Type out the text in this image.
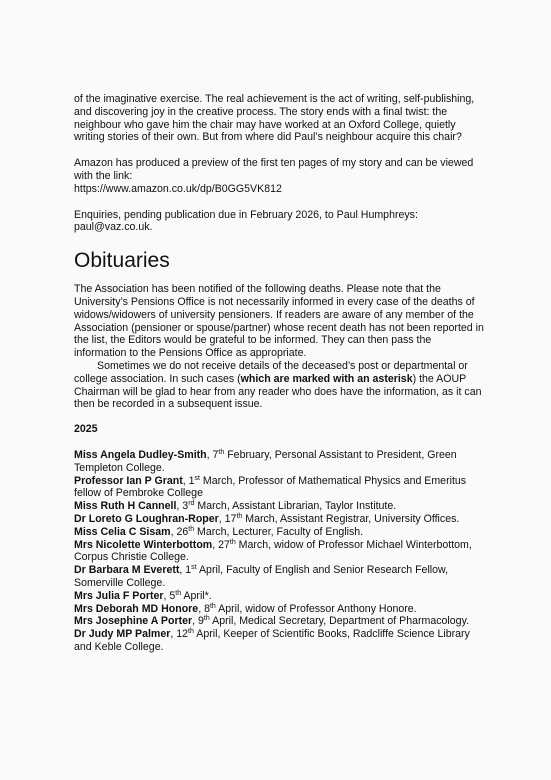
of the imaginative exercise. The real achievement is the act of writing, self-publishing, and discovering joy in the creative process. The story ends with a final twist: the neighbour who gave him the chair may have worked at an Oxford College, quietly writing stories of their own. But from where did Paul’s neighbour acquire this chair?

Amazon has produced a preview of the first ten pages of my story and can be viewed with the link:
https://www.amazon.co.uk/dp/B0GG5VK812

Enquiries, pending publication due in February 2026, to Paul Humphreys: paul@vaz.co.uk.

Obituaries

The Association has been notified of the following deaths. Please note that the University’s Pensions Office is not necessarily informed in every case of the deaths of widows/widowers of university pensioners. If readers are aware of any member of the Association (pensioner or spouse/partner) whose recent death has not been reported in the list, the Editors would be grateful to be informed. They can then pass the information to the Pensions Office as appropriate.

Sometimes we do not receive details of the deceased’s post or departmental or college association. In such cases (which are marked with an asterisk) the AOUP Chairman will be glad to hear from any reader who does have the information, as it can then be recorded in a subsequent issue.

2025

Miss Angela Dudley-Smith, 7th February, Personal Assistant to President, Green Templeton College.

Professor Ian P Grant, 1st March, Professor of Mathematical Physics and Emeritus fellow of Pembroke College

Miss Ruth H Cannell, 3rd March, Assistant Librarian, Taylor Institute.

Dr Loreto G Loughran-Roper, 17th March, Assistant Registrar, University Offices.

Miss Celia C Sisam, 26th March, Lecturer, Faculty of English.

Mrs Nicolette Winterbottom, 27th March, widow of Professor Michael Winterbottom, Corpus Christie College.

Dr Barbara M Everett, 1st April, Faculty of English and Senior Research Fellow, Somerville College.

Mrs Julia F Porter, 5th April*.

Mrs Deborah MD Honore, 8th April, widow of Professor Anthony Honore.

Mrs Josephine A Porter, 9th April, Medical Secretary, Department of Pharmacology.

Dr Judy MP Palmer, 12th April, Keeper of Scientific Books, Radcliffe Science Library and Keble College.
